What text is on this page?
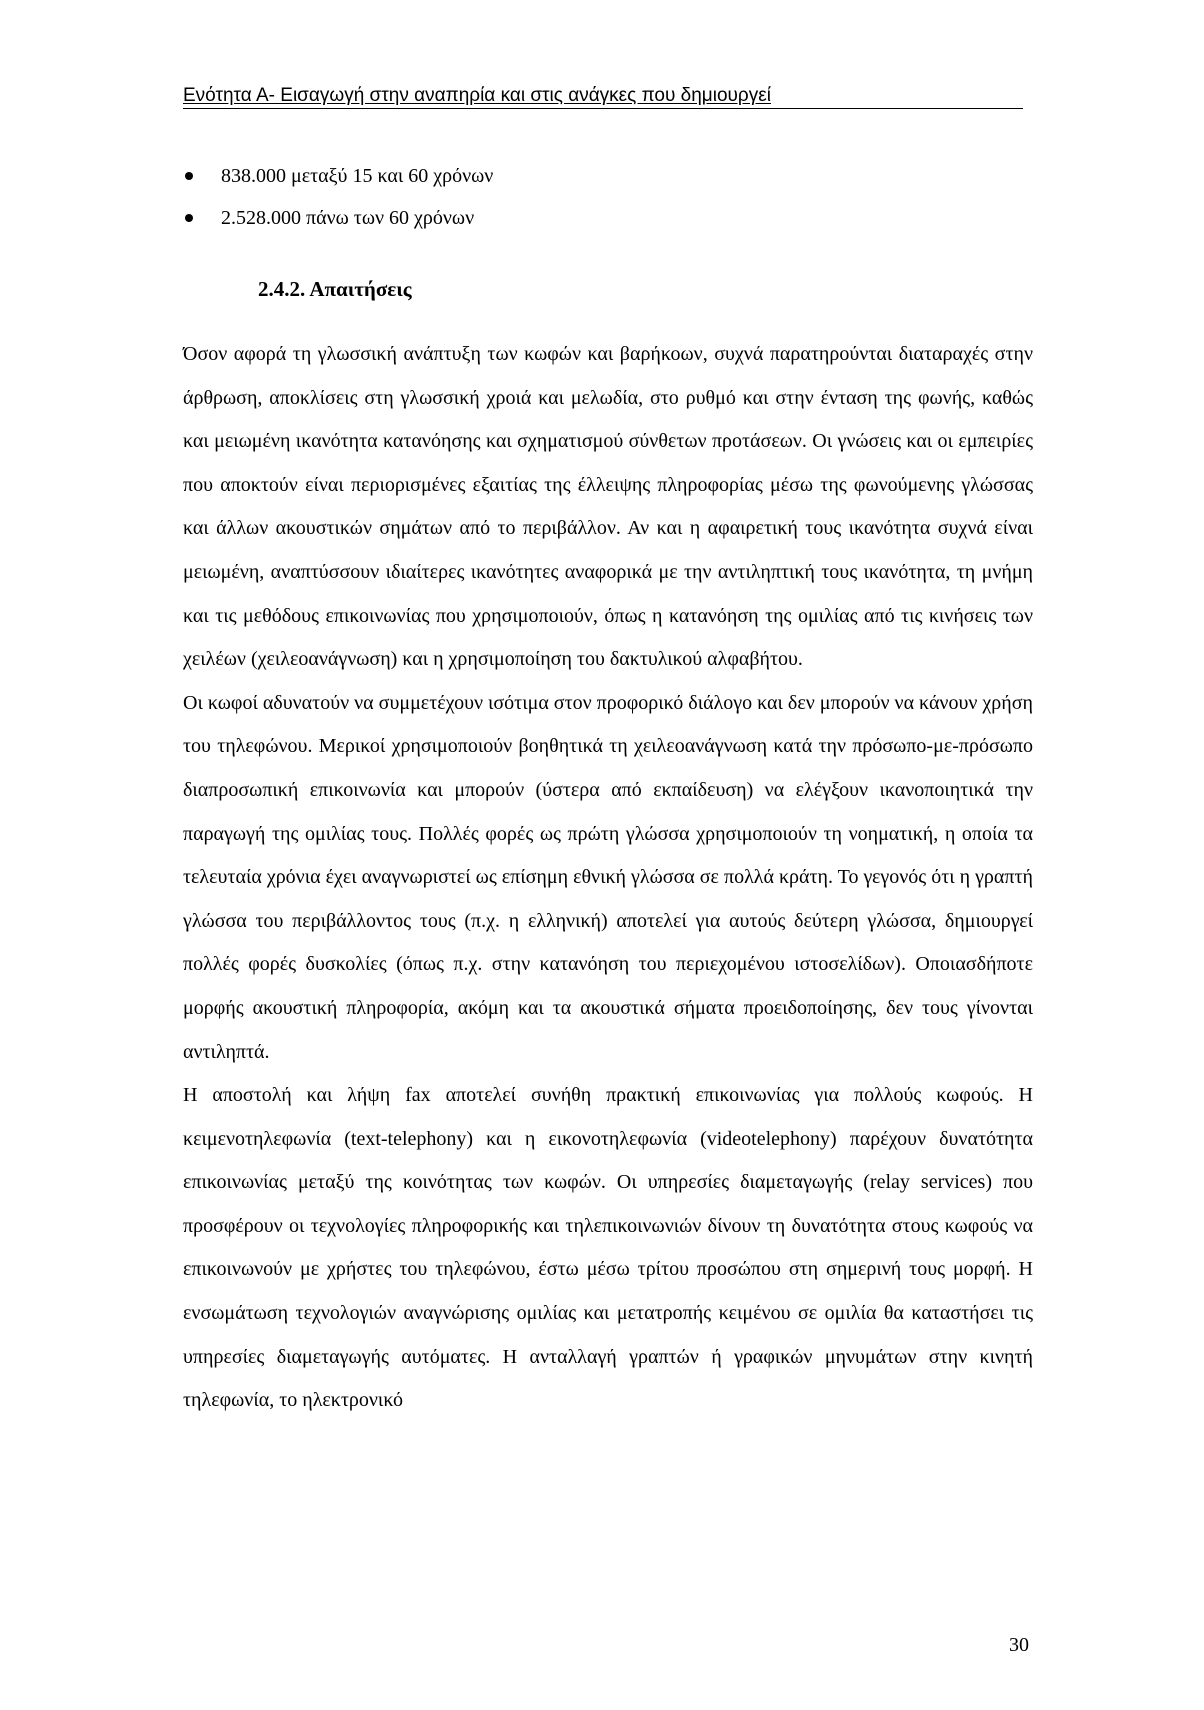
Ενότητα Α- Εισαγωγή στην αναπηρία και στις ανάγκες που δημιουργεί
838.000 μεταξύ 15 και 60 χρόνων
2.528.000 πάνω των 60 χρόνων
2.4.2. Απαιτήσεις

Όσον αφορά τη γλωσσική ανάπτυξη των κωφών και βαρήκοων, συχνά παρατηρούνται διαταραχές στην άρθρωση, αποκλίσεις στη γλωσσική χροιά και μελωδία, στο ρυθμό και στην ένταση της φωνής, καθώς και μειωμένη ικανότητα κατανόησης και σχηματισμού σύνθετων προτάσεων. Οι γνώσεις και οι εμπειρίες που αποκτούν είναι περιορισμένες εξαιτίας της έλλειψης πληροφορίας μέσω της φωνούμενης γλώσσας και άλλων ακουστικών σημάτων από το περιβάλλον. Αν και η αφαιρετική τους ικανότητα συχνά είναι μειωμένη, αναπτύσσουν ιδιαίτερες ικανότητες αναφορικά με την αντιληπτική τους ικανότητα, τη μνήμη και τις μεθόδους επικοινωνίας που χρησιμοποιούν, όπως η κατανόηση της ομιλίας από τις κινήσεις των χειλέων (χειλεοανάγνωση) και η χρησιμοποίηση του δακτυλικού αλφαβήτου.

Οι κωφοί αδυνατούν να συμμετέχουν ισότιμα στον προφορικό διάλογο και δεν μπορούν να κάνουν χρήση του τηλεφώνου. Μερικοί χρησιμοποιούν βοηθητικά τη χειλεοανάγνωση κατά την πρόσωπο-με-πρόσωπο διαπροσωπική επικοινωνία και μπορούν (ύστερα από εκπαίδευση) να ελέγξουν ικανοποιητικά την παραγωγή της ομιλίας τους. Πολλές φορές ως πρώτη γλώσσα χρησιμοποιούν τη νοηματική, η οποία τα τελευταία χρόνια έχει αναγνωριστεί ως επίσημη εθνική γλώσσα σε πολλά κράτη. Το γεγονός ότι η γραπτή γλώσσα του περιβάλλοντος τους (π.χ. η ελληνική) αποτελεί για αυτούς δεύτερη γλώσσα, δημιουργεί πολλές φορές δυσκολίες (όπως π.χ. στην κατανόηση του περιεχομένου ιστοσελίδων). Οποιασδήποτε μορφής ακουστική πληροφορία, ακόμη και τα ακουστικά σήματα προειδοποίησης, δεν τους γίνονται αντιληπτά.

Η αποστολή και λήψη fax αποτελεί συνήθη πρακτική επικοινωνίας για πολλούς κωφούς. Η κειμενοτηλεφωνία (text-telephony) και η εικονοτηλεφωνία (videotelephony) παρέχουν δυνατότητα επικοινωνίας μεταξύ της κοινότητας των κωφών. Οι υπηρεσίες διαμεταγωγής (relay services) που προσφέρουν οι τεχνολογίες πληροφορικής και τηλεπικοινωνιών δίνουν τη δυνατότητα στους κωφούς να επικοινωνούν με χρήστες του τηλεφώνου, έστω μέσω τρίτου προσώπου στη σημερινή τους μορφή. Η ενσωμάτωση τεχνολογιών αναγνώρισης ομιλίας και μετατροπής κειμένου σε ομιλία θα καταστήσει τις υπηρεσίες διαμεταγωγής αυτόματες. Η ανταλλαγή γραπτών ή γραφικών μηνυμάτων στην κινητή τηλεφωνία, το ηλεκτρονικό

30
